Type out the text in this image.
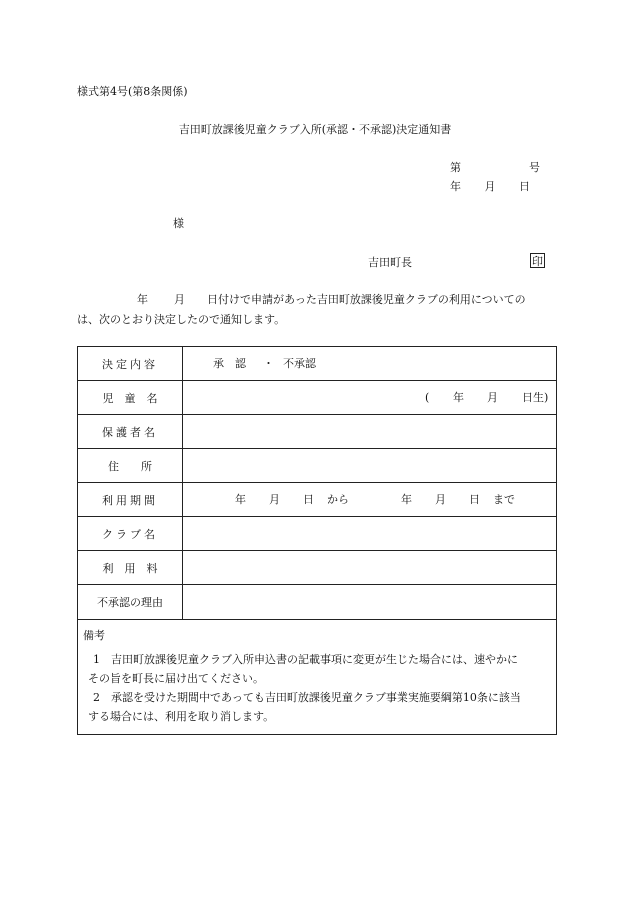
様式第4号(第8条関係)
吉田町放課後児童クラブ入所(承認・不承認)決定通知書
第	号
年 月 日
様
吉田町長	印
年 月 日付けで申請があった吉田町放課後児童クラブの利用についての
は、次のとおり決定したので通知します。
決定内容	承　認 ・ 不承認
児　童　名	( 年 月 日生)
保護者名
住　　所
利用期間	年 月 日 から	年 月 日 まで
クラブ名
利　用　料
不承認の理由
備考
1　吉田町放課後児童クラブ入所申込書の記載事項に変更が生じた場合には、速やかに
その旨を町長に届け出てください。
2　承認を受けた期間中であっても吉田町放課後児童クラブ事業実施要綱第10条に該当
する場合には、利用を取り消します。
